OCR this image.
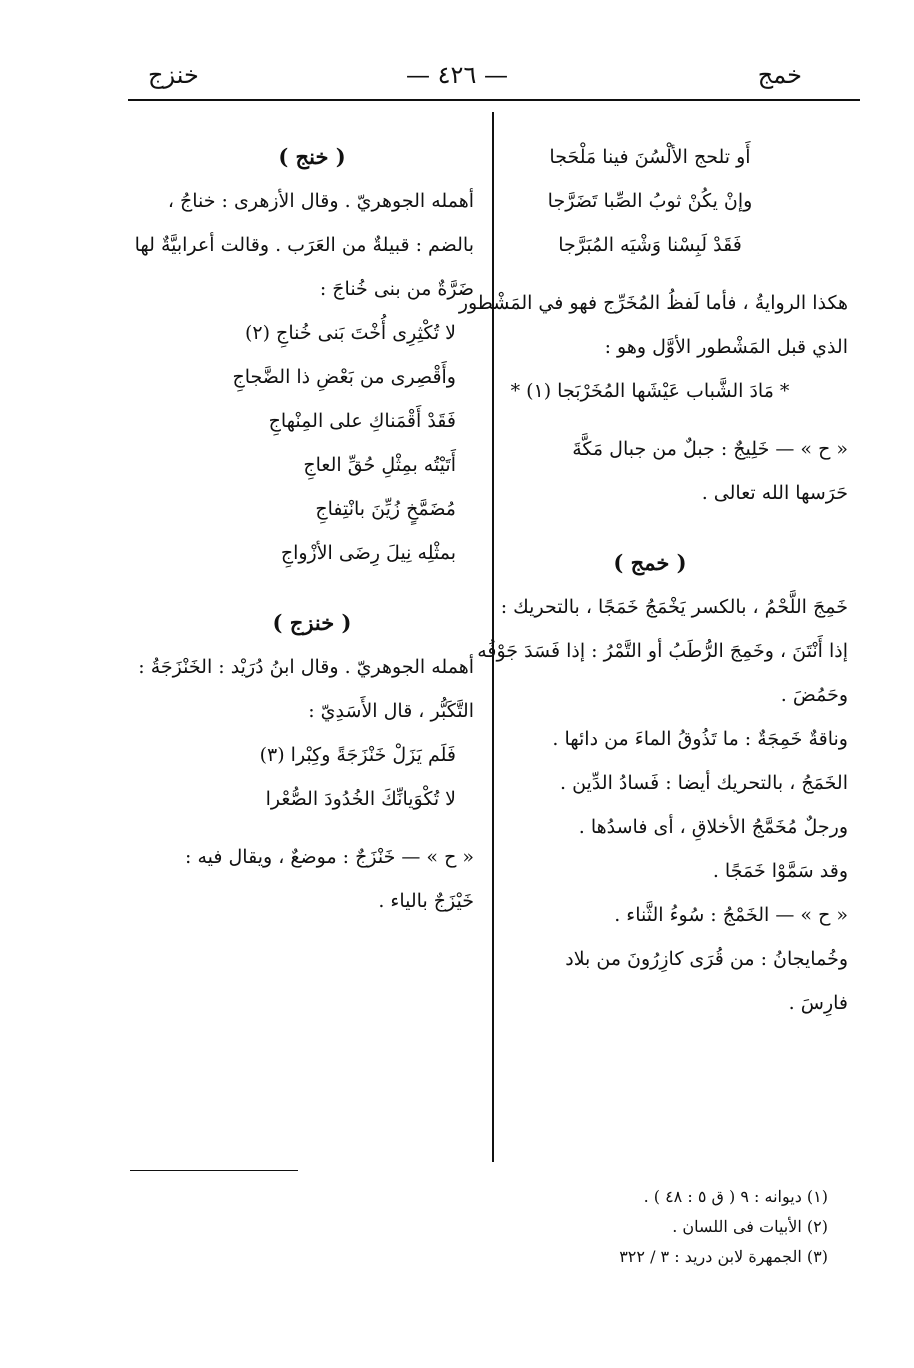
خمج
— ٤٢٦ —
خنزج

أَو تلحج الألْسُنَ فينا مَلْحَجا

وإنْ يكُنْ ثوبُ الصِّبا تَضَرَّجا

فَقَدْ لَبِسْنا وَشْيَه المُبَرَّجا

هكذا الروايةُ ، فأما لَفظُ المُخَرِّج فهو في المَشْطور

الذي قبل المَشْطور الأوَّل وهو :

* مَادَ الشَّباب عَيْشَها المُخَرْبَجا (١) *

« ح » — خَلِيجٌ : جبلٌ من جبال مَكَّةَ

حَرَسها الله تعالى .

( خمج )

خَمِجَ اللَّحْمُ ، بالكسر يَخْمَجُ خَمَجًا ، بالتحريك :

إذا أَنْتَنَ ، وخَمِجَ الرُّطَبُ أو التَّمْرُ : إذا فَسَدَ جَوْفُه

وحَمُضَ .

وناقةٌ خَمِجَةٌ : ما تَذُوقُ الماءَ من دائها .

الخَمَجُ ، بالتحريك أيضا : فَسادُ الدِّين .

ورجلٌ مُخَمَّجُ الأخلاقِ ، أى فاسدُها .

وقد سَمَّوْا خَمَجًا .

« ح » — الخَمْجُ : سُوءُ الثَّناء .

وخُمايجانُ : من قُرَى كازِرُونَ من بلاد

فارِسَ .

( خنج )

أهمله الجوهريّ . وقال الأزهرى : خناجُ ،

بالضم : قبيلةٌ من العَرَب . وقالت أعرابيَّةٌ لها

ضَرَّةٌ من بنى خُناجَ :

لا تُكْثِرِى أُخْتَ بَنى خُناجِ (٢)

وأَقْصِرى من بَعْضِ ذا الضَّجاجِ

فَقَدْ أَقْمَناكِ على المِنْهاجِ

أَتَيْتُه بمِثْلِ حُقِّ العاجِ

مُضَمَّخٍ زُيِّنَ بانْتِفاجِ

بمثْلِه نِيلَ رِضَى الأزْواجِ

( خنزج )

أهمله الجوهريّ . وقال ابنُ دُرَيْد : الخَنْزَجَةُ :

التَّكَبُّر ، قال الأَسَدِيّ :

فَلَم يَزَلْ خَنْزَجَةً وكِبْرا (٣)

لا تُكْوَيانِّكَ الخُدُودَ الصُّعْرا

« ح » — خَنْزَجٌ : موضعٌ ، ويقال فيه :

خَيْزَجٌ بالياء .

(١) ديوانه : ٩ ( ق ٥ : ٤٨ ) .

(٢) الأبيات فى اللسان .

(٣) الجمهرة لابن دريد : ٣ / ٣٢٢
